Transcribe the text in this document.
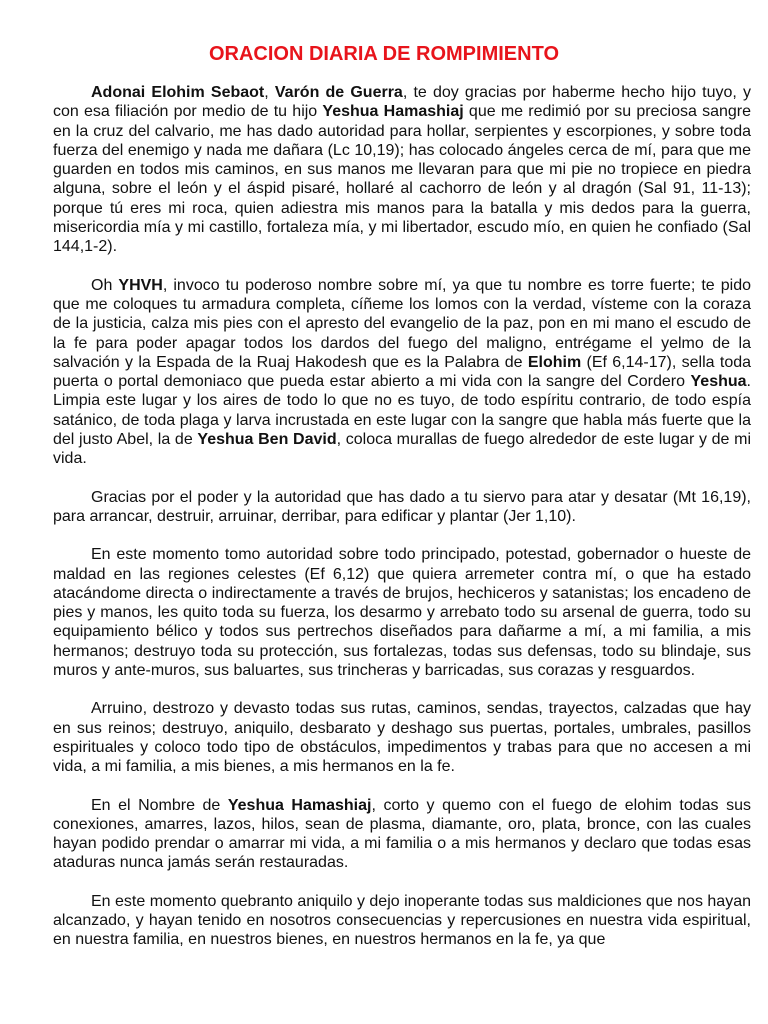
ORACION DIARIA DE ROMPIMIENTO

Adonai Elohim Sebaot, Varón de Guerra, te doy gracias por haberme hecho hijo tuyo, y con esa filiación por medio de tu hijo Yeshua Hamashiaj que me redimió por su preciosa sangre en la cruz del calvario, me has dado autoridad para hollar, serpientes y escorpiones, y sobre toda fuerza del enemigo y nada me dañara (Lc 10,19); has colocado ángeles cerca de mí, para que me guarden en todos mis caminos, en sus manos me llevaran para que mi pie no tropiece en piedra alguna, sobre el león y el áspid pisaré, hollaré al cachorro de león y al dragón (Sal 91, 11-13); porque tú eres mi roca, quien adiestra mis manos para la batalla y mis dedos para la guerra, misericordia mía y mi castillo, fortaleza mía, y mi libertador, escudo mío, en quien he confiado (Sal 144,1-2).

Oh YHVH, invoco tu poderoso nombre sobre mí, ya que tu nombre es torre fuerte; te pido que me coloques tu armadura completa, cíñeme los lomos con la verdad, vísteme con la coraza de la justicia, calza mis pies con el apresto del evangelio de la paz, pon en mi mano el escudo de la fe para poder apagar todos los dardos del fuego del maligno, entrégame el yelmo de la salvación y la Espada de la Ruaj Hakodesh que es la Palabra de Elohim (Ef 6,14-17), sella toda puerta o portal demoniaco que pueda estar abierto a mi vida con la sangre del Cordero Yeshua. Limpia este lugar y los aires de todo lo que no es tuyo, de todo espíritu contrario, de todo espía satánico, de toda plaga y larva incrustada en este lugar con la sangre que habla más fuerte que la del justo Abel, la de Yeshua Ben David, coloca murallas de fuego alrededor de este lugar y de mi vida.

Gracias por el poder y la autoridad que has dado a tu siervo para atar y desatar (Mt 16,19), para arrancar, destruir, arruinar, derribar, para edificar y plantar (Jer 1,10).

En este momento tomo autoridad sobre todo principado, potestad, gobernador o hueste de maldad en las regiones celestes (Ef 6,12) que quiera arremeter contra mí, o que ha estado atacándome directa o indirectamente a través de brujos, hechiceros y satanistas; los encadeno de pies y manos, les quito toda su fuerza, los desarmo y arrebato todo su arsenal de guerra, todo su equipamiento bélico y todos sus pertrechos diseñados para dañarme a mí, a mi familia, a mis hermanos; destruyo toda su protección, sus fortalezas, todas sus defensas, todo su blindaje, sus muros y ante-muros, sus baluartes, sus trincheras y barricadas, sus corazas y resguardos.

Arruino, destrozo y devasto todas sus rutas, caminos, sendas, trayectos, calzadas que hay en sus reinos; destruyo, aniquilo, desbarato y deshago sus puertas, portales, umbrales, pasillos espirituales y coloco todo tipo de obstáculos, impedimentos y trabas para que no accesen a mi vida, a mi familia, a mis bienes, a mis hermanos en la fe.

En el Nombre de Yeshua Hamashiaj, corto y quemo con el fuego de elohim todas sus conexiones, amarres, lazos, hilos, sean de plasma, diamante, oro, plata, bronce, con las cuales hayan podido prendar o amarrar mi vida, a mi familia o a mis hermanos y declaro que todas esas ataduras nunca jamás serán restauradas.

En este momento quebranto aniquilo y dejo inoperante todas sus maldiciones que nos hayan alcanzado, y hayan tenido en nosotros consecuencias y repercusiones en nuestra vida espiritual, en nuestra familia, en nuestros bienes, en nuestros hermanos en la fe, ya que
